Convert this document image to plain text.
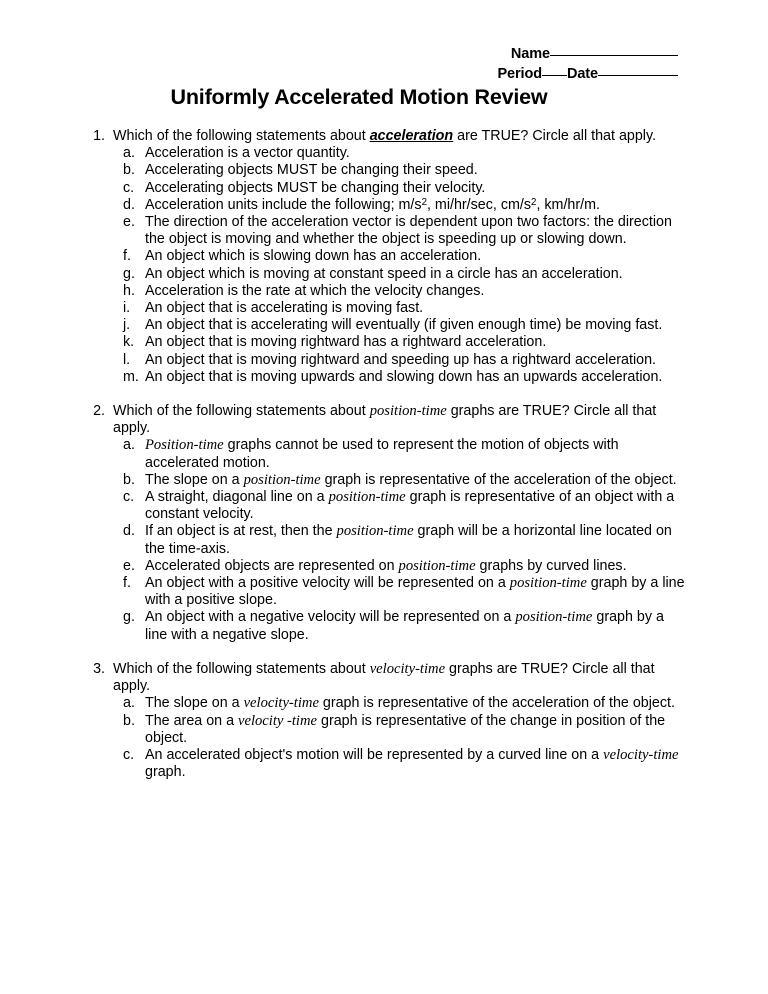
Name
Period Date
Uniformly Accelerated Motion Review
1. Which of the following statements about acceleration are TRUE? Circle all that apply.
a. Acceleration is a vector quantity.
b. Accelerating objects MUST be changing their speed.
c. Accelerating objects MUST be changing their velocity.
d. Acceleration units include the following; $m/s^2$, mi/hr/sec, $cm/s^2$, km/hr/m.
e. The direction of the acceleration vector is dependent upon two factors: the direction the object is moving and whether the object is speeding up or slowing down.
f. An object which is slowing down has an acceleration.
g. An object which is moving at constant speed in a circle has an acceleration.
h. Acceleration is the rate at which the velocity changes.
i.	An object that is accelerating is moving fast.
j.	An object that is accelerating will eventually (if given enough time) be moving fast.
k. An object that is moving rightward has a rightward acceleration.
l.	An object that is moving rightward and speeding up has a rightward acceleration.
m. An object that is moving upwards and slowing down has an upwards acceleration.
2. Which of the following statements about position-time graphs are TRUE? Circle all that apply.
a. Position-time graphs cannot be used to represent the motion of objects with accelerated motion.
b. The slope on a position-time graph is representative of the acceleration of the object.
c. A straight, diagonal line on a position-time graph is representative of an object with a constant velocity.
d. If an object is at rest, then the position-time graph will be a horizontal line located on the time-axis.
e. Accelerated objects are represented on position-time graphs by curved lines.
f. An object with a positive velocity will be represented on a position-time graph by a line with a positive slope.
g. An object with a negative velocity will be represented on a position-time graph by a line with a negative slope.
3. Which of the following statements about velocity-time graphs are TRUE? Circle all that apply.
a. The slope on a velocity-time graph is representative of the acceleration of the object.
b. The area on a velocity -time graph is representative of the change in position of the object.
c. An accelerated object's motion will be represented by a curved line on a velocity-time graph.
